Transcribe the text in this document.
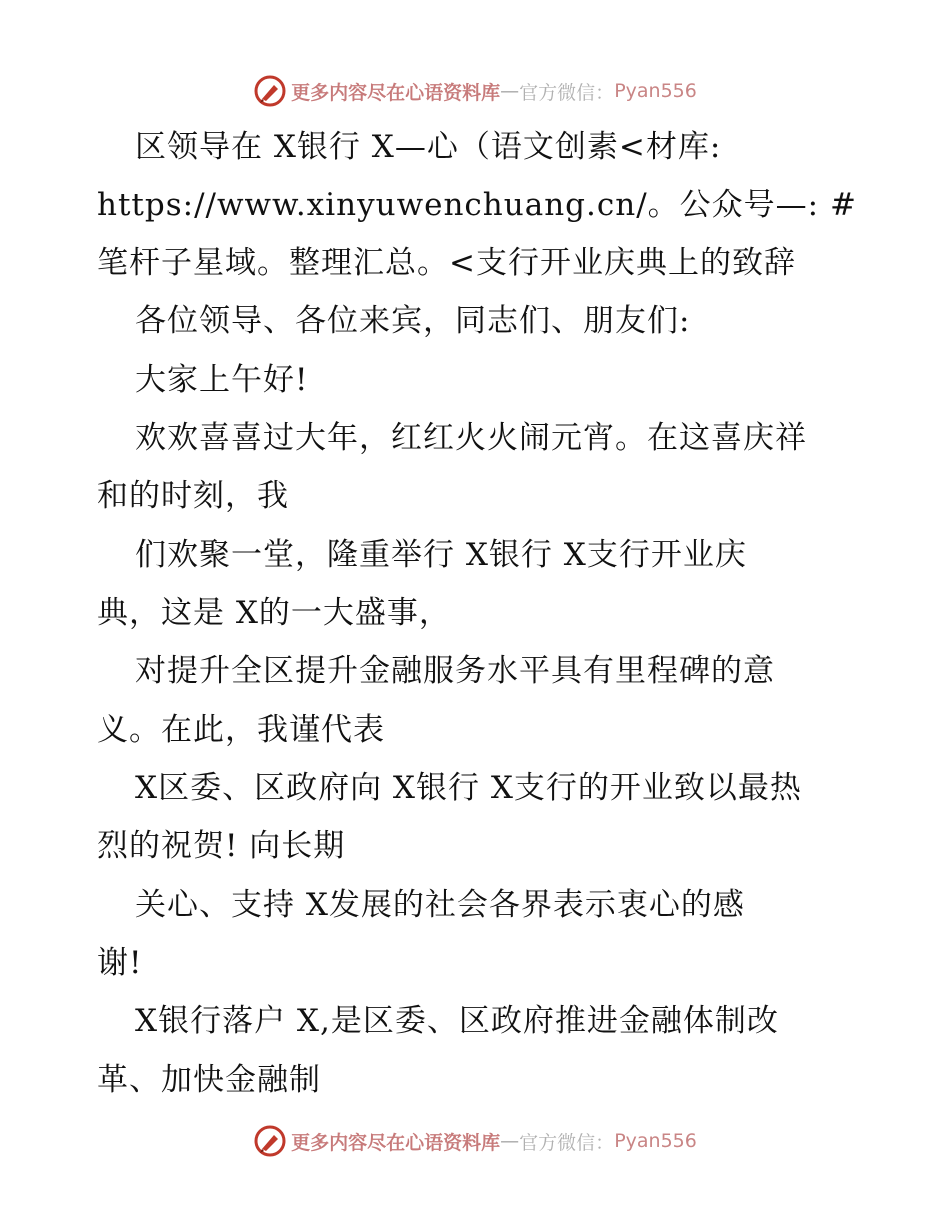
更多内容尽在心语资料库 — 官方微信： Pyan556
区领导在 X银行 X—心（语文创素<材库:
https://www.xinyuwenchuang.cn/。公众号—: #
笔杆子星域。整理汇总。<支行开业庆典上的致辞
各位领导、各位来宾，同志们、朋友们:
大家上午好!
欢欢喜喜过大年，红红火火闹元宵。在这喜庆祥
和的时刻，我
们欢聚一堂，隆重举行 X银行 X支行开业庆
典，这是 X的一大盛事，
对提升全区提升金融服务水平具有里程碑的意
义。在此，我谨代表
X区委、区政府向 X银行 X支行的开业致以最热
烈的祝贺! 向长期
关心、支持 X发展的社会各界表示衷心的感
谢!
X银行落户 X,是区委、区政府推进金融体制改
革、加快金融制
更多内容尽在心语资料库 — 官方微信： Pyan556
